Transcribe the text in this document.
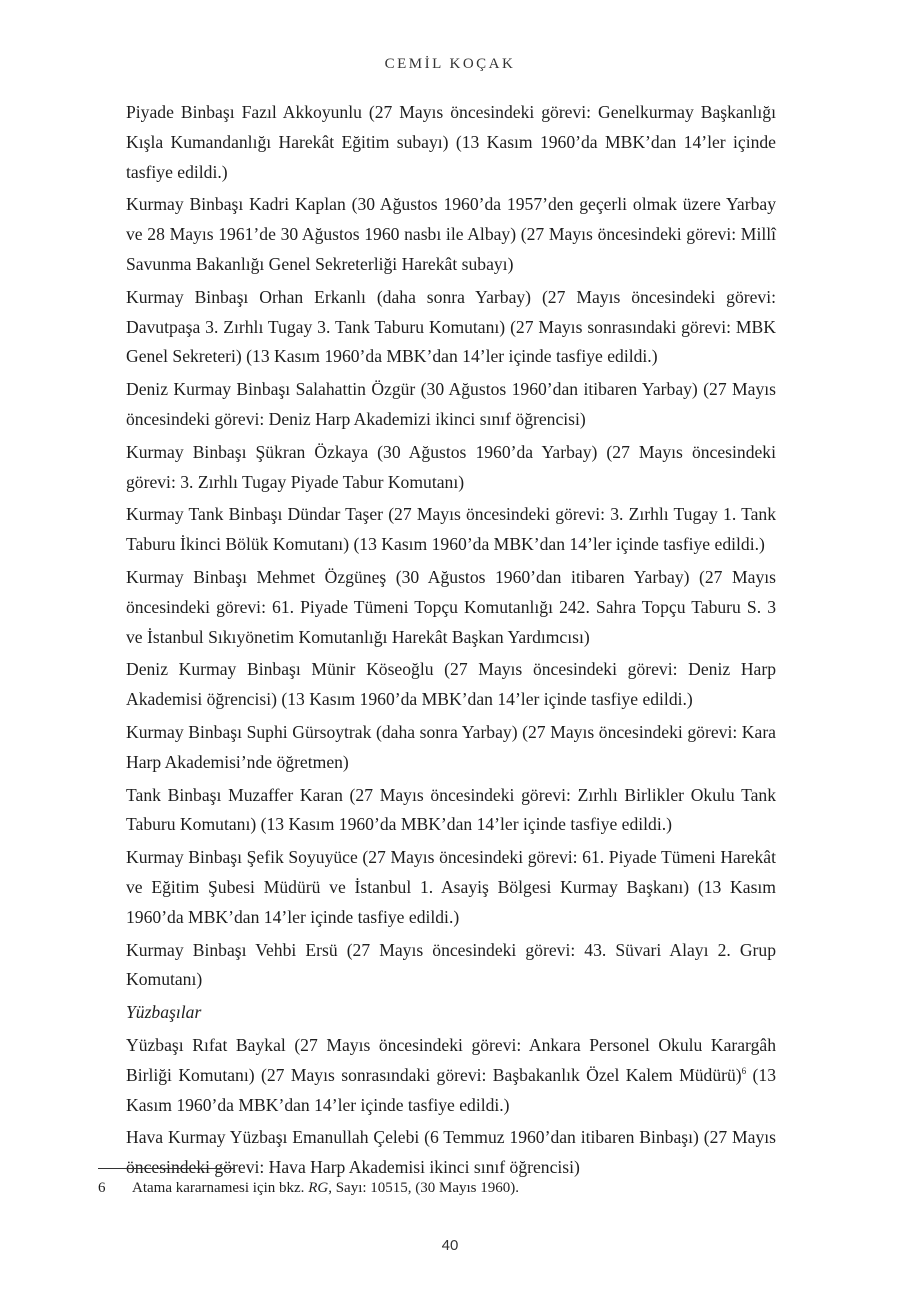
CEMİL KOÇAK

Piyade Binbaşı Fazıl Akkoyunlu (27 Mayıs öncesindeki görevi: Genelkurmay Başkanlığı Kışla Kumandanlığı Harekât Eğitim subayı) (13 Kasım 1960’da MBK’dan 14’ler içinde tasfiye edildi.)

Kurmay Binbaşı Kadri Kaplan (30 Ağustos 1960’da 1957’den geçerli olmak üzere Yarbay ve 28 Mayıs 1961’de 30 Ağustos 1960 nasbı ile Albay) (27 Mayıs öncesindeki görevi: Millî Savunma Bakanlığı Genel Sekreterliği Harekât subayı)

Kurmay Binbaşı Orhan Erkanlı (daha sonra Yarbay) (27 Mayıs öncesindeki görevi: Davutpaşa 3. Zırhlı Tugay 3. Tank Taburu Komutanı) (27 Mayıs sonrasındaki görevi: MBK Genel Sekreteri) (13 Kasım 1960’da MBK’dan 14’ler içinde tasfiye edildi.)

Deniz Kurmay Binbaşı Salahattin Özgür (30 Ağustos 1960’dan itibaren Yarbay) (27 Mayıs öncesindeki görevi: Deniz Harp Akademizi ikinci sınıf öğrencisi)

Kurmay Binbaşı Şükran Özkaya (30 Ağustos 1960’da Yarbay) (27 Mayıs öncesindeki görevi: 3. Zırhlı Tugay Piyade Tabur Komutanı)

Kurmay Tank Binbaşı Dündar Taşer (27 Mayıs öncesindeki görevi: 3. Zırhlı Tugay 1. Tank Taburu İkinci Bölük Komutanı) (13 Kasım 1960’da MBK’dan 14’ler içinde tasfiye edildi.)

Kurmay Binbaşı Mehmet Özgüneş (30 Ağustos 1960’dan itibaren Yarbay) (27 Mayıs öncesindeki görevi: 61. Piyade Tümeni Topçu Komutanlığı 242. Sahra Topçu Taburu S. 3 ve İstanbul Sıkıyönetim Komutanlığı Harekât Başkan Yardımcısı)

Deniz Kurmay Binbaşı Münir Köseoğlu (27 Mayıs öncesindeki görevi: Deniz Harp Akademisi öğrencisi) (13 Kasım 1960’da MBK’dan 14’ler içinde tasfiye edildi.)

Kurmay Binbaşı Suphi Gürsoytrak (daha sonra Yarbay) (27 Mayıs öncesindeki görevi: Kara Harp Akademisi’nde öğretmen)

Tank Binbaşı Muzaffer Karan (27 Mayıs öncesindeki görevi: Zırhlı Birlikler Okulu Tank Taburu Komutanı) (13 Kasım 1960’da MBK’dan 14’ler içinde tasfiye edildi.)

Kurmay Binbaşı Şefik Soyuyüce (27 Mayıs öncesindeki görevi: 61. Piyade Tümeni Harekât ve Eğitim Şubesi Müdürü ve İstanbul 1. Asayiş Bölgesi Kurmay Başkanı) (13 Kasım 1960’da MBK’dan 14’ler içinde tasfiye edildi.)

Kurmay Binbaşı Vehbi Ersü (27 Mayıs öncesindeki görevi: 43. Süvari Alayı 2. Grup Komutanı)

Yüzbaşılar

Yüzbaşı Rıfat Baykal (27 Mayıs öncesindeki görevi: Ankara Personel Okulu Karargâh Birliği Komutanı) (27 Mayıs sonrasındaki görevi: Başbakanlık Özel Kalem Müdürü)$^6$ (13 Kasım 1960’da MBK’dan 14’ler içinde tasfiye edildi.)

Hava Kurmay Yüzbaşı Emanullah Çelebi (6 Temmuz 1960’dan itibaren Binbaşı) (27 Mayıs öncesindeki görevi: Hava Harp Akademisi ikinci sınıf öğrencisi)

6 Atama kararnamesi için bkz. RG, Sayı: 10515, (30 Mayıs 1960).
40
